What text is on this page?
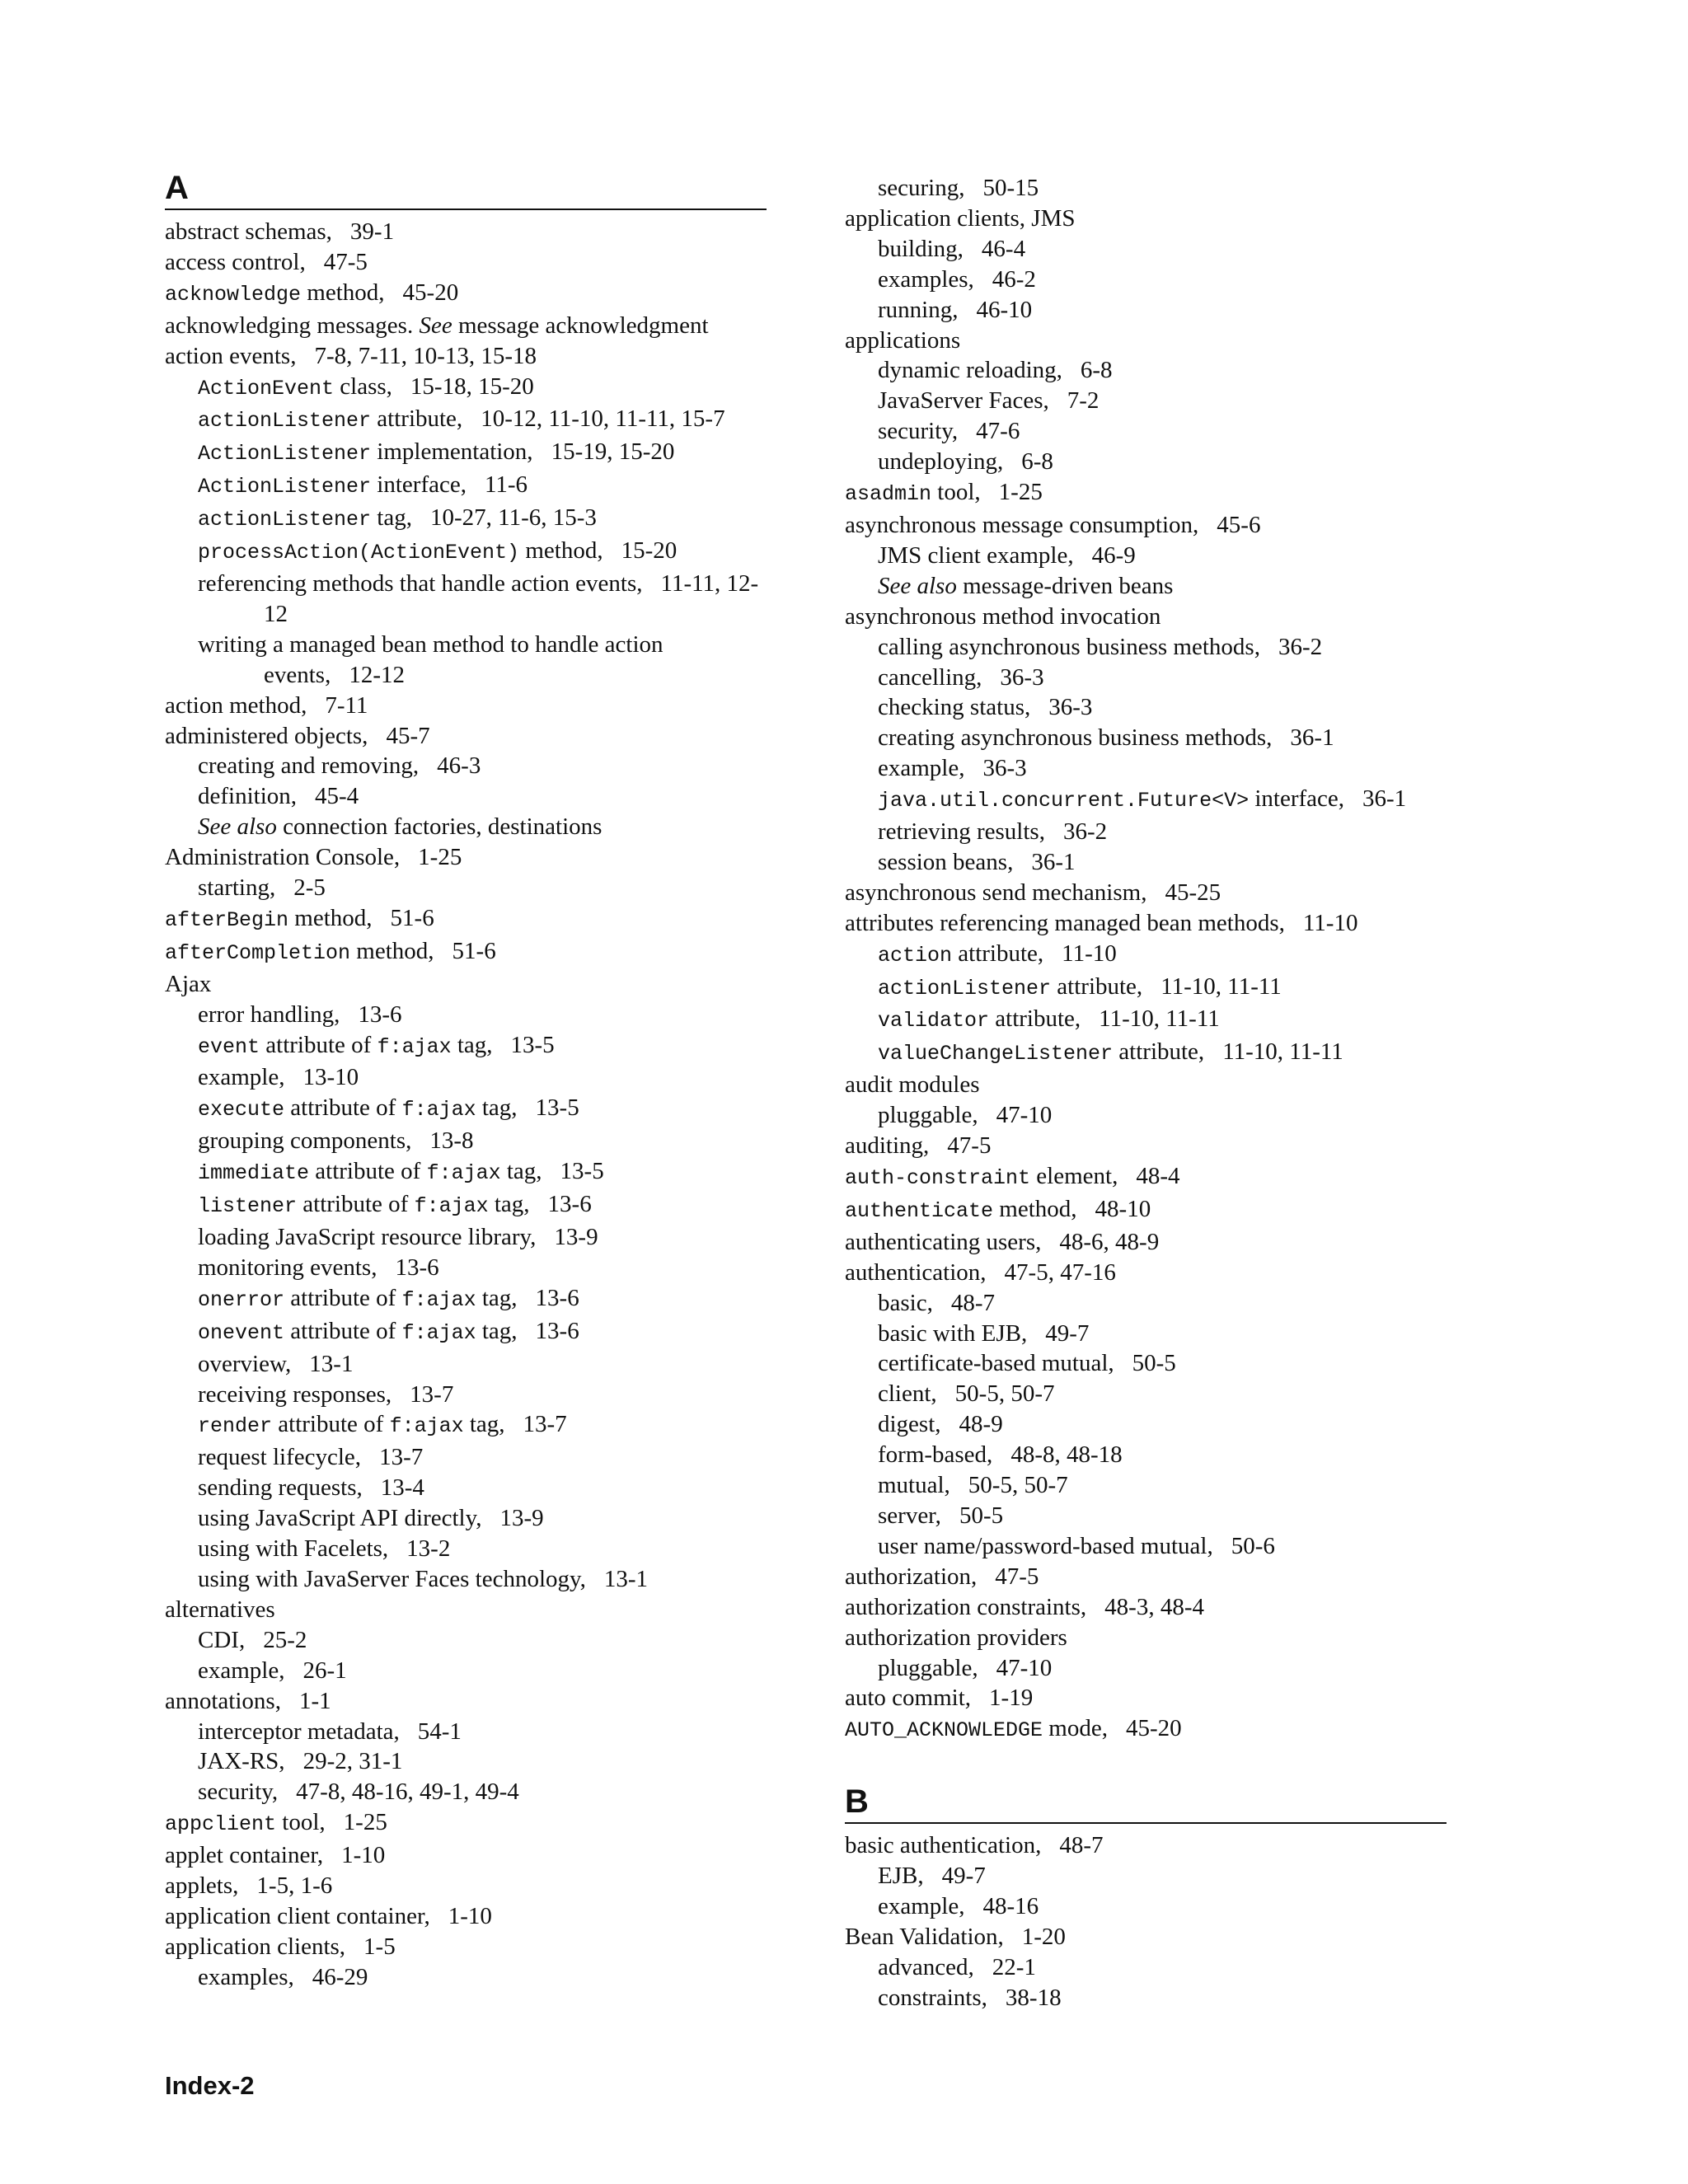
A
abstract schemas, 39-1
access control, 47-5
acknowledge method, 45-20
acknowledging messages. See message acknowledgment
action events, 7-8, 7-11, 10-13, 15-18
ActionEvent class, 15-18, 15-20
actionListener attribute, 10-12, 11-10, 11-11, 15-7
ActionListener implementation, 15-19, 15-20
ActionListener interface, 11-6
actionListener tag, 10-27, 11-6, 15-3
processAction(ActionEvent) method, 15-20
referencing methods that handle action events, 11-11, 12-12
writing a managed bean method to handle action events, 12-12
action method, 7-11
administered objects, 45-7
creating and removing, 46-3
definition, 45-4
See also connection factories, destinations
Administration Console, 1-25
starting, 2-5
afterBegin method, 51-6
afterCompletion method, 51-6
Ajax
error handling, 13-6
event attribute of f:ajax tag, 13-5
example, 13-10
execute attribute of f:ajax tag, 13-5
grouping components, 13-8
immediate attribute of f:ajax tag, 13-5
listener attribute of f:ajax tag, 13-6
loading JavaScript resource library, 13-9
monitoring events, 13-6
onerror attribute of f:ajax tag, 13-6
onevent attribute of f:ajax tag, 13-6
overview, 13-1
receiving responses, 13-7
render attribute of f:ajax tag, 13-7
request lifecycle, 13-7
sending requests, 13-4
using JavaScript API directly, 13-9
using with Facelets, 13-2
using with JavaServer Faces technology, 13-1
alternatives
CDI, 25-2
example, 26-1
annotations, 1-1
interceptor metadata, 54-1
JAX-RS, 29-2, 31-1
security, 47-8, 48-16, 49-1, 49-4
appclient tool, 1-25
applet container, 1-10
applets, 1-5, 1-6
application client container, 1-10
application clients, 1-5
examples, 46-29
securing, 50-15
application clients, JMS
building, 46-4
examples, 46-2
running, 46-10
applications
dynamic reloading, 6-8
JavaServer Faces, 7-2
security, 47-6
undeploying, 6-8
asadmin tool, 1-25
asynchronous message consumption, 45-6
JMS client example, 46-9
See also message-driven beans
asynchronous method invocation
calling asynchronous business methods, 36-2
cancelling, 36-3
checking status, 36-3
creating asynchronous business methods, 36-1
example, 36-3
java.util.concurrent.Future<V> interface, 36-1
retrieving results, 36-2
session beans, 36-1
asynchronous send mechanism, 45-25
attributes referencing managed bean methods, 11-10
action attribute, 11-10
actionListener attribute, 11-10, 11-11
validator attribute, 11-10, 11-11
valueChangeListener attribute, 11-10, 11-11
audit modules
pluggable, 47-10
auditing, 47-5
auth-constraint element, 48-4
authenticate method, 48-10
authenticating users, 48-6, 48-9
authentication, 47-5, 47-16
basic, 48-7
basic with EJB, 49-7
certificate-based mutual, 50-5
client, 50-5, 50-7
digest, 48-9
form-based, 48-8, 48-18
mutual, 50-5, 50-7
server, 50-5
user name/password-based mutual, 50-6
authorization, 47-5
authorization constraints, 48-3, 48-4
authorization providers
pluggable, 47-10
auto commit, 1-19
AUTO_ACKNOWLEDGE mode, 45-20
B
basic authentication, 48-7
EJB, 49-7
example, 48-16
Bean Validation, 1-20
advanced, 22-1
constraints, 38-18
Index-2
